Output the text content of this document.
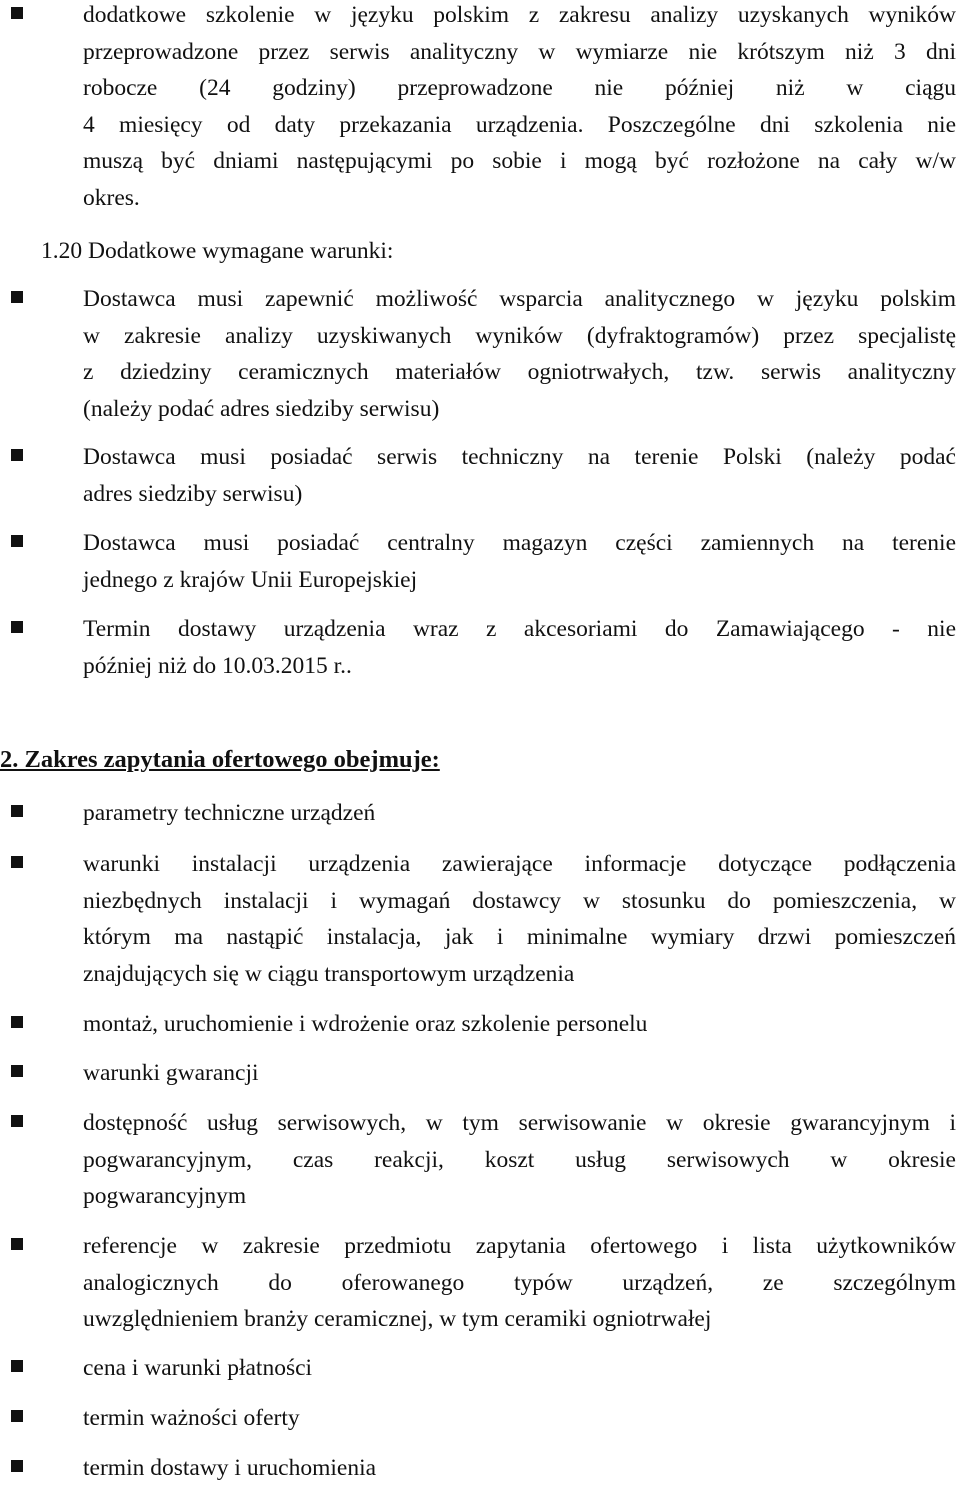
dodatkowe szkolenie w języku polskim z zakresu analizy uzyskanych wyników
przeprowadzone przez serwis analityczny w wymiarze nie krótszym niż 3 dni
robocze (24 godziny) przeprowadzone nie później niż w ciągu
4 miesięcy od daty przekazania urządzenia. Poszczególne dni szkolenia nie
muszą być dniami następującymi po sobie i mogą być rozłożone na cały w/w
okres.

1.20 Dodatkowe wymagane warunki:

Dostawca musi zapewnić możliwość wsparcia analitycznego w języku polskim
w zakresie analizy uzyskiwanych wyników (dyfraktogramów) przez specjalistę
z dziedziny ceramicznych materiałów ogniotrwałych, tzw. serwis analityczny
(należy podać adres siedziby serwisu)

Dostawca musi posiadać serwis techniczny na terenie Polski (należy podać
adres siedziby serwisu)

Dostawca musi posiadać centralny magazyn części zamiennych na terenie
jednego z krajów Unii Europejskiej

Termin dostawy urządzenia wraz z akcesoriami do Zamawiającego - nie
później niż do 10.03.2015 r..

2. Zakres zapytania ofertowego obejmuje:

parametry techniczne urządzeń

warunki instalacji urządzenia zawierające informacje dotyczące podłączenia
niezbędnych instalacji i wymagań dostawcy w stosunku do pomieszczenia, w
którym ma nastąpić instalacja, jak i minimalne wymiary drzwi pomieszczeń
znajdujących się w ciągu transportowym urządzenia

montaż, uruchomienie i wdrożenie oraz szkolenie personelu

warunki gwarancji

dostępność usług serwisowych, w tym serwisowanie w okresie gwarancyjnym i
pogwarancyjnym, czas reakcji, koszt usług serwisowych w okresie
pogwarancyjnym

referencje w zakresie przedmiotu zapytania ofertowego i lista użytkowników
analogicznych do oferowanego typów urządzeń, ze szczególnym
uwzględnieniem branży ceramicznej, w tym ceramiki ogniotrwałej

cena i warunki płatności

termin ważności oferty

termin dostawy i uruchomienia
